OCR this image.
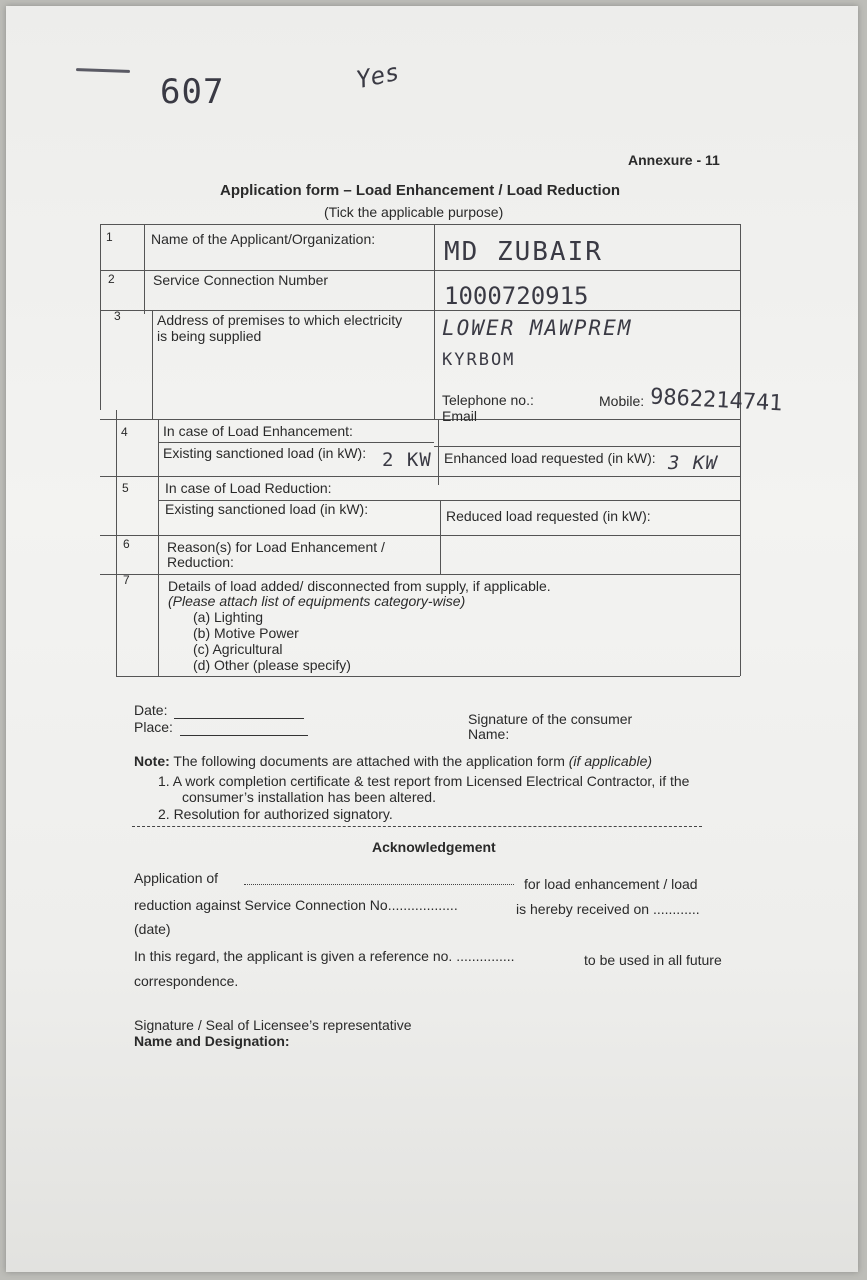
607	Yes
Annexure - 11
Application form – Load Enhancement / Load Reduction
(Tick the applicable purpose)
1	Name of the Applicant/Organization:	MD ZUBAIR
2	Service Connection Number
1000720915
3	Address of premises to which electricity
is being supplied	LOWER MAWPREM
KYRBOM
Telephone no.:
Email
Mobile: 9862214741
4	In case of Load Enhancement:
Existing sanctioned load (in kW): 2 KW Enhanced load requested (in kW): 3 KW
5	In case of Load Reduction:
Existing sanctioned load (in kW):	Reduced load requested (in kW):
6	Reason(s) for Load Enhancement /
Reduction:
7	Details of load added/ disconnected from supply, if applicable.
(Please attach list of equipments category-wise)
(a) Lighting
(b) Motive Power
(c) Agricultural
(d) Other (please specify)
Date:
Place:	Signature of the consumer
Name:
Note: The following documents are attached with the application form (if applicable)
1. A work completion certificate & test report from Licensed Electrical Contractor, if the
consumer’s installation has been altered.
2. Resolution for authorized signatory.
Acknowledgement
Application of	for load enhancement / load
reduction against Service Connection No..................	is hereby received on ............
(date)
In this regard, the applicant is given a reference no. ...............	to be used in all future
correspondence.
Signature / Seal of Licensee’s representative
Name and Designation:
